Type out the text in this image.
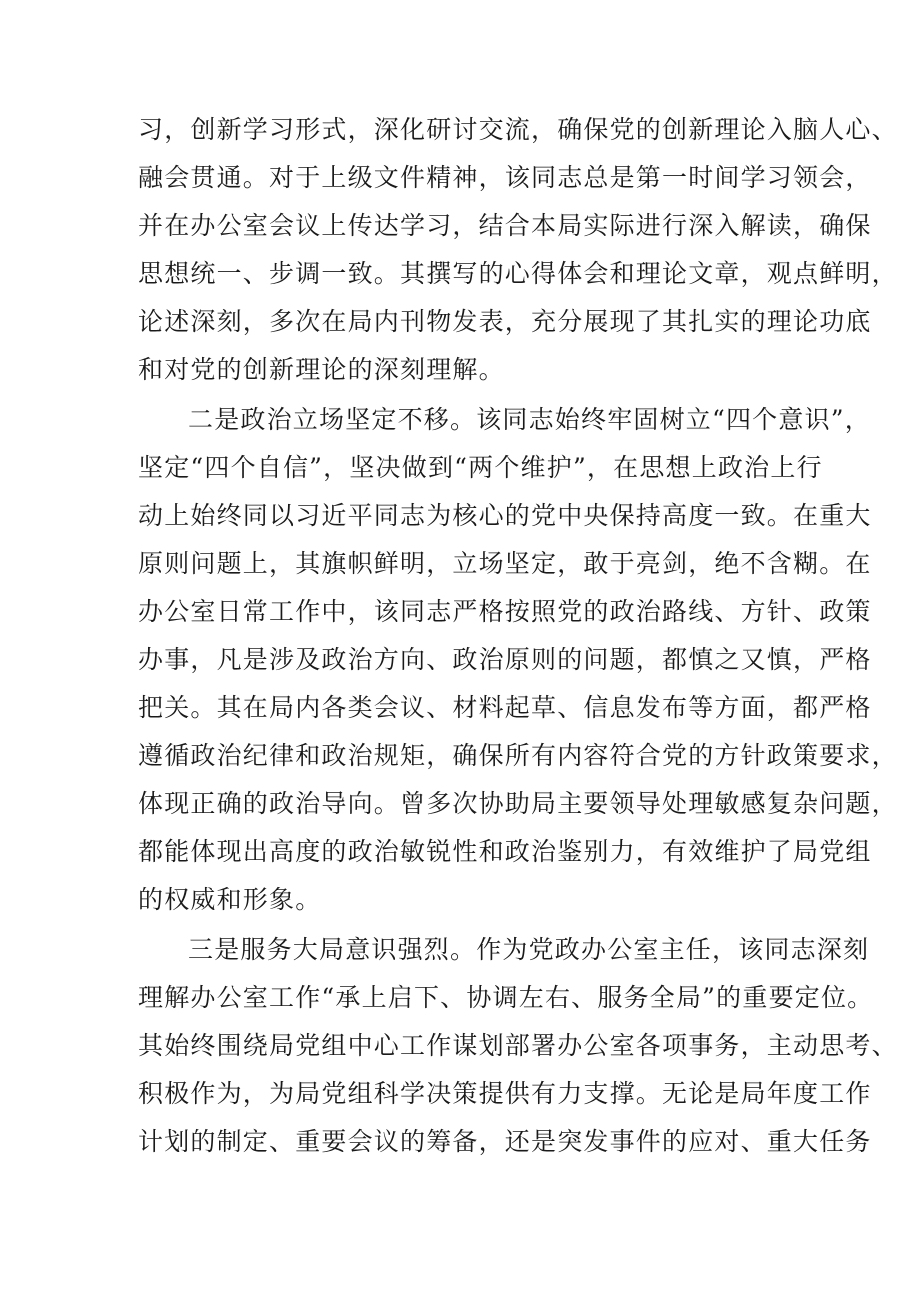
习，创新学习形式，深化研讨交流，确保党的创新理论入脑人心、
融会贯通。对于上级文件精神，该同志总是第一时间学习领会，
并在办公室会议上传达学习，结合本局实际进行深入解读，确保
思想统一、步调一致。其撰写的心得体会和理论文章，观点鲜明，
论述深刻，多次在局内刊物发表，充分展现了其扎实的理论功底
和对党的创新理论的深刻理解。
二是政治立场坚定不移。该同志始终牢固树立“四个意识”，
坚定“四个自信”，坚决做到“两个维护”，在思想上政治上行
动上始终同以习近平同志为核心的党中央保持高度一致。在重大
原则问题上，其旗帜鲜明，立场坚定，敢于亮剑，绝不含糊。在
办公室日常工作中，该同志严格按照党的政治路线、方针、政策
办事，凡是涉及政治方向、政治原则的问题，都慎之又慎，严格
把关。其在局内各类会议、材料起草、信息发布等方面，都严格
遵循政治纪律和政治规矩，确保所有内容符合党的方针政策要求，
体现正确的政治导向。曾多次协助局主要领导处理敏感复杂问题，
都能体现出高度的政治敏锐性和政治鉴别力，有效维护了局党组
的权威和形象。
三是服务大局意识强烈。作为党政办公室主任，该同志深刻
理解办公室工作“承上启下、协调左右、服务全局”的重要定位。
其始终围绕局党组中心工作谋划部署办公室各项事务，主动思考、
积极作为，为局党组科学决策提供有力支撑。无论是局年度工作
计划的制定、重要会议的筹备，还是突发事件的应对、重大任务
